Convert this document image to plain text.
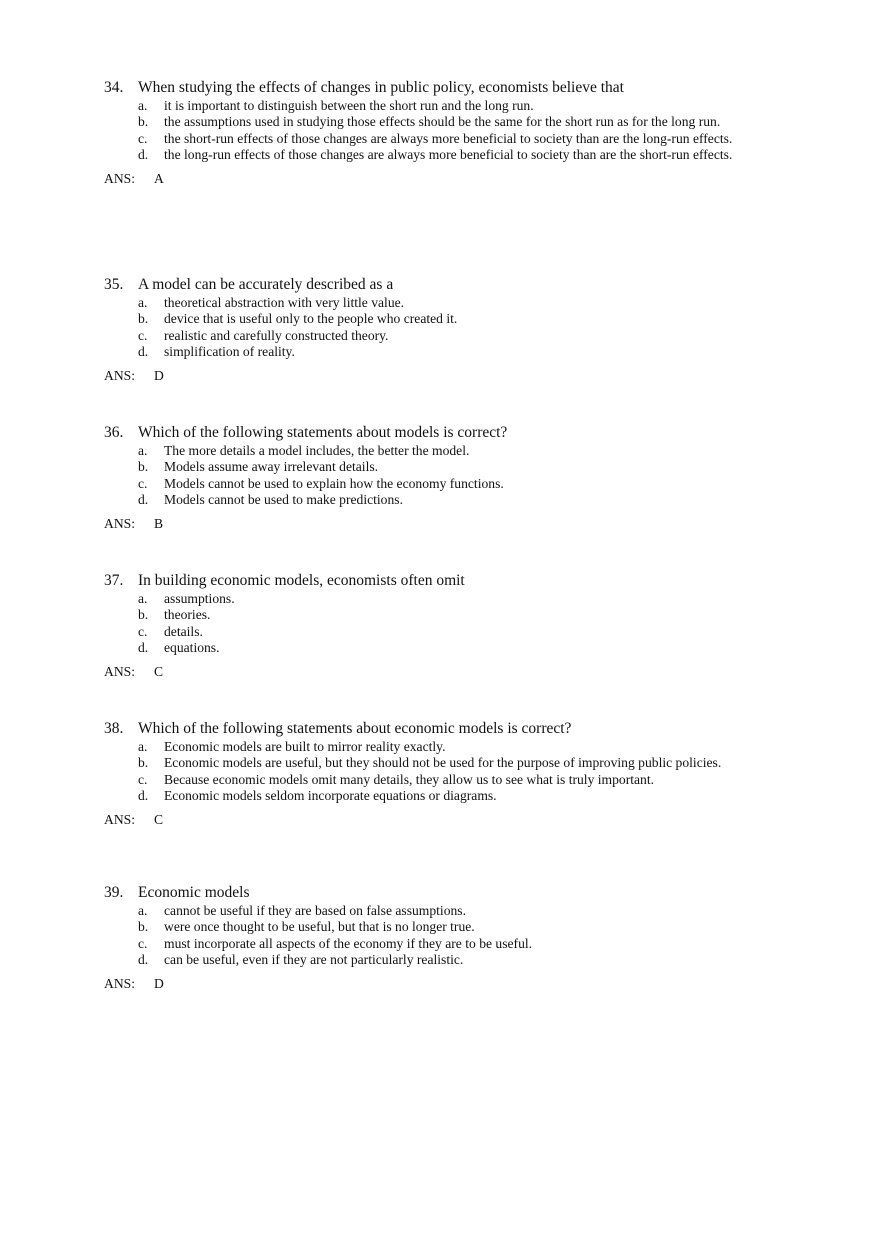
34. When studying the effects of changes in public policy, economists believe that
a.	it is important to distinguish between the short run and the long run.
b.	the assumptions used in studying those effects should be the same for the short run as for the long run.
c.	the short-run effects of those changes are always more beneficial to society than are the long-run effects.
d.	the long-run effects of those changes are always more beneficial to society than are the short-run effects.
ANS:	A
35. A model can be accurately described as a
a.	theoretical abstraction with very little value.
b.	device that is useful only to the people who created it.
c.	realistic and carefully constructed theory.
d.	simplification of reality.
ANS:	D
36. Which of the following statements about models is correct?
a.	The more details a model includes, the better the model.
b.	Models assume away irrelevant details.
c.	Models cannot be used to explain how the economy functions.
d.	Models cannot be used to make predictions.
ANS:	B
37. In building economic models, economists often omit
a.	assumptions.
b.	theories.
c.	details.
d.	equations.
ANS:	C
38. Which of the following statements about economic models is correct?
a.	Economic models are built to mirror reality exactly.
b.	Economic models are useful, but they should not be used for the purpose of improving public policies.
c.	Because economic models omit many details, they allow us to see what is truly important.
d.	Economic models seldom incorporate equations or diagrams.
ANS:	C
39. Economic models
a.	cannot be useful if they are based on false assumptions.
b.	were once thought to be useful, but that is no longer true.
c.	must incorporate all aspects of the economy if they are to be useful.
d.	can be useful, even if they are not particularly realistic.
ANS:	D
